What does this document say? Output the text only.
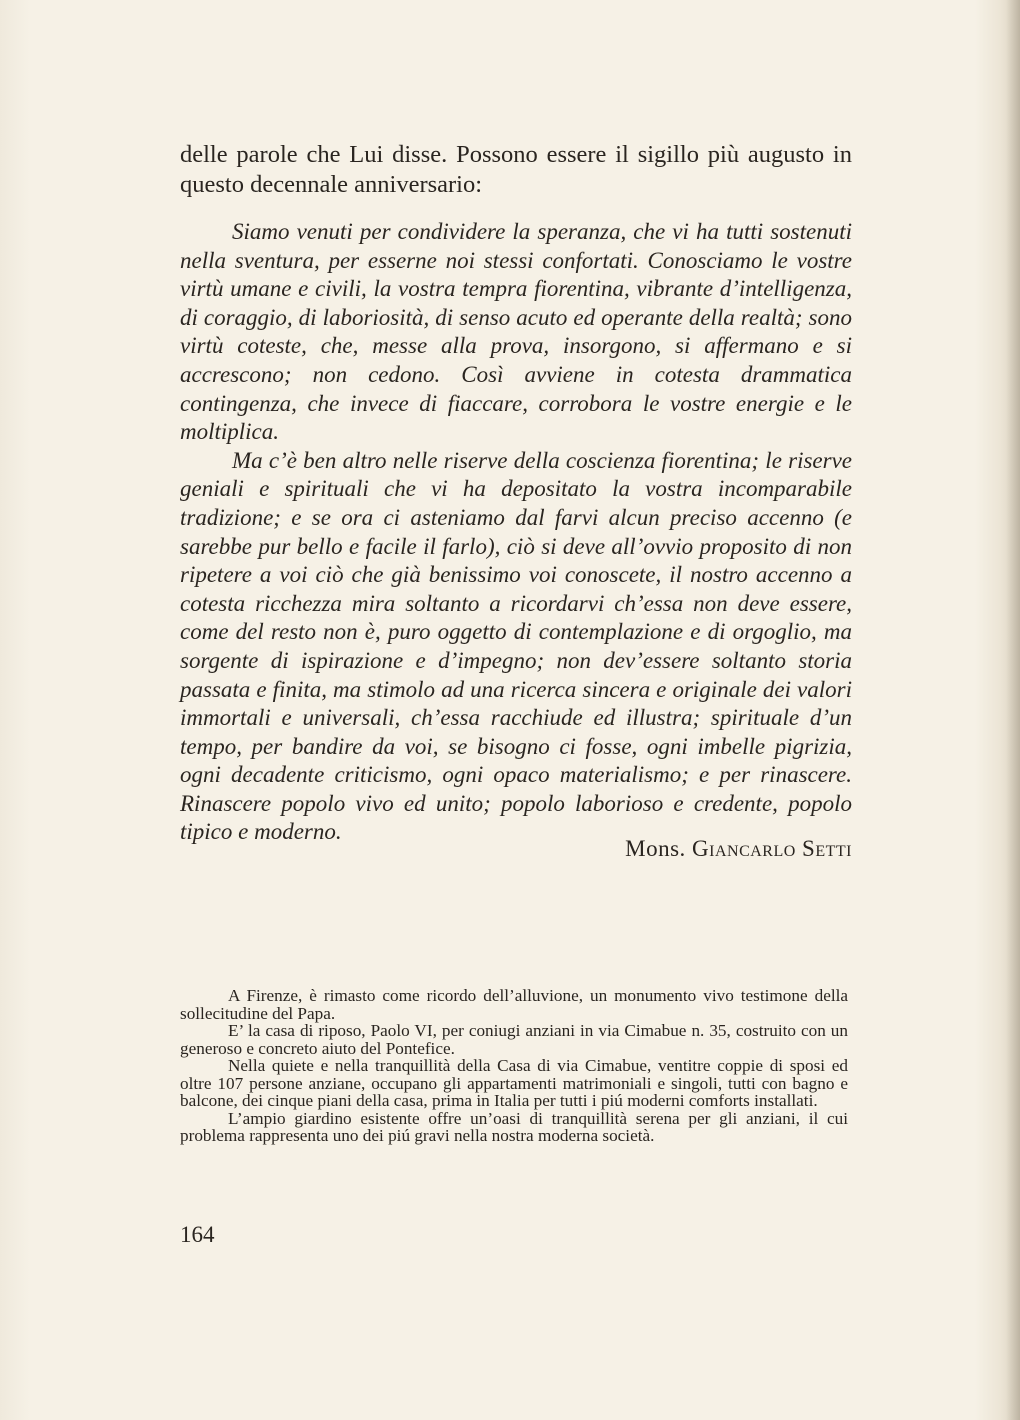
delle parole che Lui disse. Possono essere il sigillo più augusto in
questo decennale anniversario:

Siamo venuti per condividere la speranza, che vi ha tutti sostenuti nella sventura, per esserne noi stessi confortati. Conosciamo le vostre virtù umane e civili, la vostra tempra fiorentina, vibrante d’intelligenza, di coraggio, di laboriosità, di senso acuto ed operante della realtà; sono virtù coteste, che, messe alla prova, insorgono, si affermano e si accrescono; non cedono. Così avviene in cotesta drammatica contingenza, che invece di fiaccare, corrobora le vostre energie e le moltiplica.

Ma c’è ben altro nelle riserve della coscienza fiorentina; le riserve geniali e spirituali che vi ha depositato la vostra incomparabile tradizione; e se ora ci asteniamo dal farvi alcun preciso accenno (e sarebbe pur bello e facile il farlo), ciò si deve all’ovvio proposito di non ripetere a voi ciò che già benissimo voi conoscete, il nostro accenno a cotesta ricchezza mira soltanto a ricordarvi ch’essa non deve essere, come del resto non è, puro oggetto di contemplazione e di orgoglio, ma sorgente di ispirazione e d’impegno; non dev’essere soltanto storia passata e finita, ma stimolo ad una ricerca sincera e originale dei valori immortali e universali, ch’essa racchiude ed illustra; spirituale d’un tempo, per bandire da voi, se bisogno ci fosse, ogni imbelle pigrizia, ogni decadente criticismo, ogni opaco materialismo; e per rinascere. Rinascere popolo vivo ed unito; popolo laborioso e credente, popolo tipico e moderno.

Mons. Giancarlo Setti

A Firenze, è rimasto come ricordo dell’alluvione, un monumento vivo testimone della sollecitudine del Papa.

E’ la casa di riposo, Paolo VI, per coniugi anziani in via Cimabue n. 35, costruito con un generoso e concreto aiuto del Pontefice.

Nella quiete e nella tranquillità della Casa di via Cimabue, ventitre coppie di sposi ed oltre 107 persone anziane, occupano gli appartamenti matrimoniali e singoli, tutti con bagno e balcone, dei cinque piani della casa, prima in Italia per tutti i piú moderni comforts installati.

L’ampio giardino esistente offre un’oasi di tranquillità serena per gli anziani, il cui problema rappresenta uno dei piú gravi nella nostra moderna società.

164
